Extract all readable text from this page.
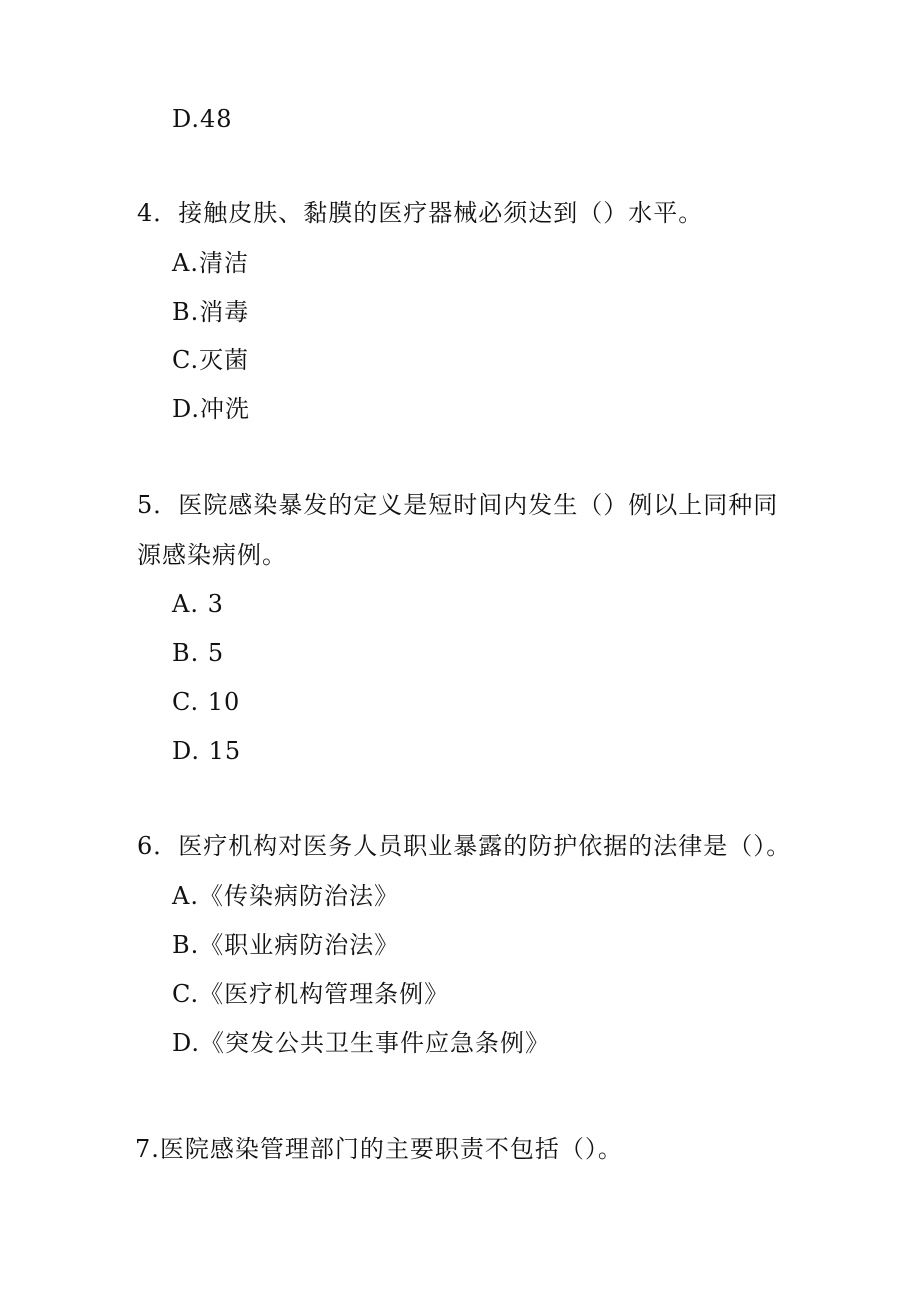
D.48
4．接触皮肤、黏膜的医疗器械必须达到（）水平。
A.清洁
B.消毒
C.灭菌
D.冲洗
5．医院感染暴发的定义是短时间内发生（）例以上同种同
源感染病例。
A. 3
B. 5
C. 10
D. 15
6．医疗机构对医务人员职业暴露的防护依据的法律是（）。
A.《传染病防治法》
B.《职业病防治法》
C.《医疗机构管理条例》
D.《突发公共卫生事件应急条例》
7.医院感染管理部门的主要职责不包括（）。
